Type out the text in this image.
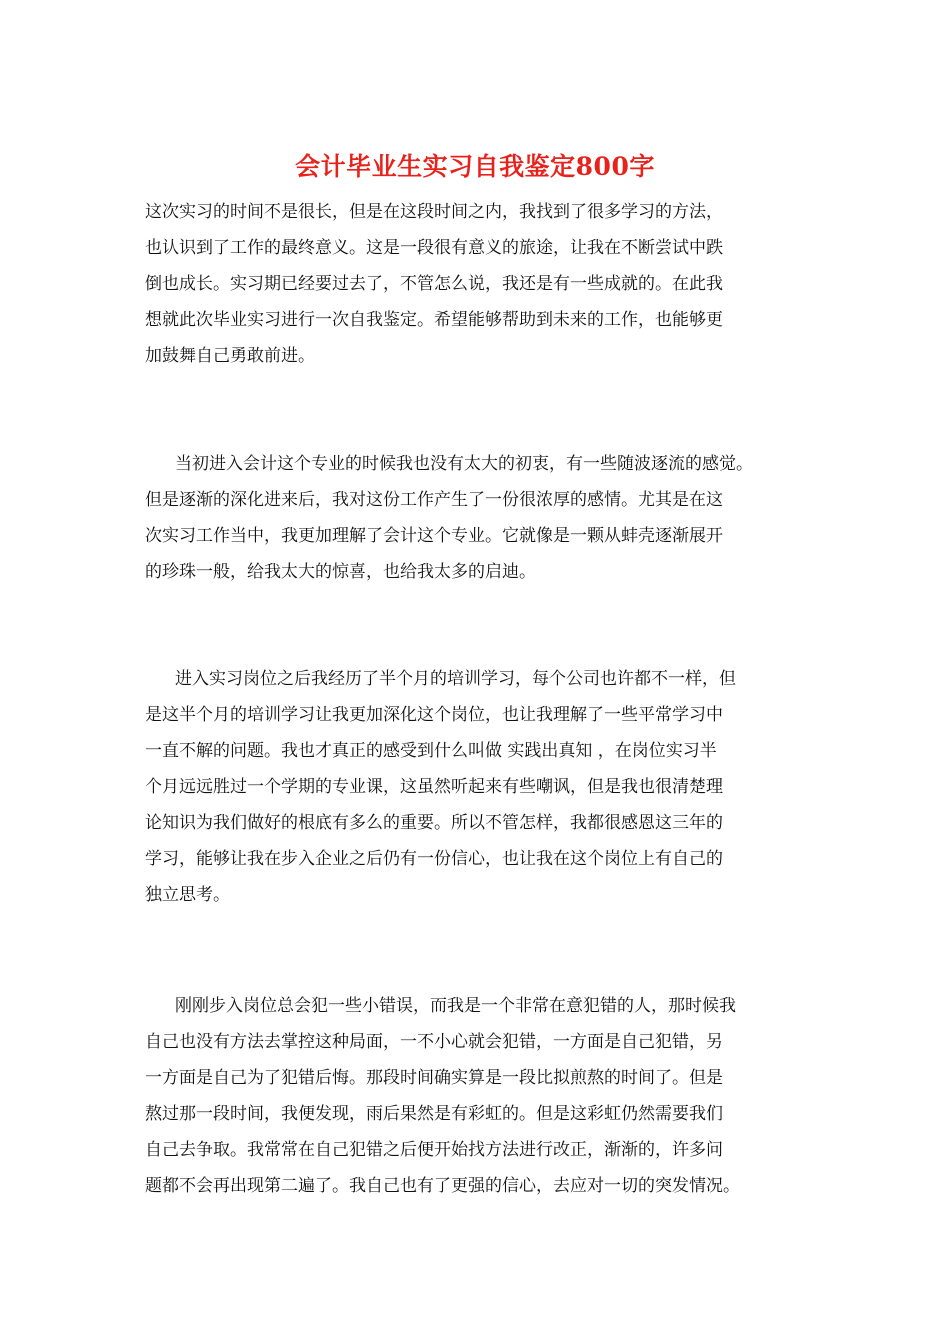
会计毕业生实习自我鉴定800字
这次实习的时间不是很长，但是在这段时间之内，我找到了很多学习的方法，
也认识到了工作的最终意义。这是一段很有意义的旅途，让我在不断尝试中跌
倒也成长。实习期已经要过去了，不管怎么说，我还是有一些成就的。在此我
想就此次毕业实习进行一次自我鉴定。希望能够帮助到未来的工作，也能够更
加鼓舞自己勇敢前进。
当初进入会计这个专业的时候我也没有太大的初衷，有一些随波逐流的感觉。
但是逐渐的深化进来后，我对这份工作产生了一份很浓厚的感情。尤其是在这
次实习工作当中，我更加理解了会计这个专业。它就像是一颗从蚌壳逐渐展开
的珍珠一般，给我太大的惊喜，也给我太多的启迪。
进入实习岗位之后我经历了半个月的培训学习，每个公司也许都不一样，但
是这半个月的培训学习让我更加深化这个岗位，也让我理解了一些平常学习中
一直不解的问题。我也才真正的感受到什么叫做 实践出真知 ，在岗位实习半
个月远远胜过一个学期的专业课，这虽然听起来有些嘲讽，但是我也很清楚理
论知识为我们做好的根底有多么的重要。所以不管怎样，我都很感恩这三年的
学习，能够让我在步入企业之后仍有一份信心，也让我在这个岗位上有自己的
独立思考。
刚刚步入岗位总会犯一些小错误，而我是一个非常在意犯错的人，那时候我
自己也没有方法去掌控这种局面，一不小心就会犯错，一方面是自己犯错，另
一方面是自己为了犯错后悔。那段时间确实算是一段比拟煎熬的时间了。但是
熬过那一段时间，我便发现，雨后果然是有彩虹的。但是这彩虹仍然需要我们
自己去争取。我常常在自己犯错之后便开始找方法进行改正，渐渐的，许多问
题都不会再出现第二遍了。我自己也有了更强的信心，去应对一切的突发情况。
